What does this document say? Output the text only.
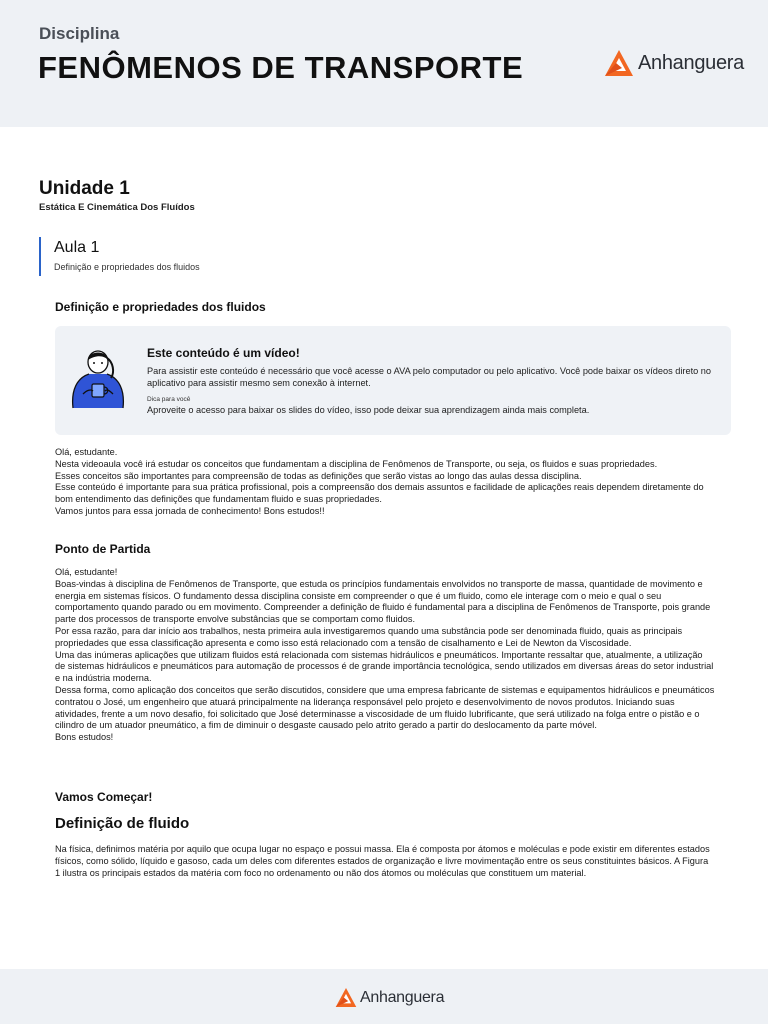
Disciplina
FENÔMENOS DE TRANSPORTE	Anhanguera
Unidade 1
Estática E Cinemática Dos Fluídos
Aula 1
Definição e propriedades dos fluidos
Definição e propriedades dos fluidos
Este conteúdo é um vídeo!
Para assistir este conteúdo é necessário que você acesse o AVA pelo computador ou pelo aplicativo. Você pode baixar os vídeos direto no aplicativo para assistir mesmo sem conexão à internet.
Dica para você
Aproveite o acesso para baixar os slides do vídeo, isso pode deixar sua aprendizagem ainda mais completa.

Olá, estudante.

Nesta videoaula você irá estudar os conceitos que fundamentam a disciplina de Fenômenos de Transporte, ou seja, os fluidos e suas propriedades.

Esses conceitos são importantes para compreensão de todas as definições que serão vistas ao longo das aulas dessa disciplina.

Esse conteúdo é importante para sua prática profissional, pois a compreensão dos demais assuntos e facilidade de aplicações reais dependem diretamente do bom entendimento das definições que fundamentam fluido e suas propriedades.

Vamos juntos para essa jornada de conhecimento! Bons estudos!!

Ponto de Partida

Olá, estudante!

Boas-vindas à disciplina de Fenômenos de Transporte, que estuda os princípios fundamentais envolvidos no transporte de massa, quantidade de movimento e energia em sistemas físicos. O fundamento dessa disciplina consiste em compreender o que é um fluido, como ele interage com o meio e qual o seu comportamento quando parado ou em movimento. Compreender a definição de fluido é fundamental para a disciplina de Fenômenos de Transporte, pois grande parte dos processos de transporte envolve substâncias que se comportam como fluidos.

Por essa razão, para dar início aos trabalhos, nesta primeira aula investigaremos quando uma substância pode ser denominada fluido, quais as principais propriedades que essa classificação apresenta e como isso está relacionado com a tensão de cisalhamento e Lei de Newton da Viscosidade.

Uma das inúmeras aplicações que utilizam fluidos está relacionada com sistemas hidráulicos e pneumáticos. Importante ressaltar que, atualmente, a utilização de sistemas hidráulicos e pneumáticos para automação de processos é de grande importância tecnológica, sendo utilizados em diversas áreas do setor industrial e na indústria moderna.

Dessa forma, como aplicação dos conceitos que serão discutidos, considere que uma empresa fabricante de sistemas e equipamentos hidráulicos e pneumáticos contratou o José, um engenheiro que atuará principalmente na liderança responsável pelo projeto e desenvolvimento de novos produtos. Iniciando suas atividades, frente a um novo desafio, foi solicitado que José determinasse a viscosidade de um fluido lubrificante, que será utilizado na folga entre o pistão e o cilindro de um atuador pneumático, a fim de diminuir o desgaste causado pelo atrito gerado a partir do deslocamento da parte móvel.

Bons estudos!

Vamos Começar!
Definição de fluido

Na física, definimos matéria por aquilo que ocupa lugar no espaço e possui massa. Ela é composta por átomos e moléculas e pode existir em diferentes estados físicos, como sólido, líquido e gasoso, cada um deles com diferentes estados de organização e livre movimentação entre os seus constituintes básicos. A Figura 1 ilustra os principais estados da matéria com foco no ordenamento ou não dos átomos ou moléculas que constituem um material.

Anhanguera
